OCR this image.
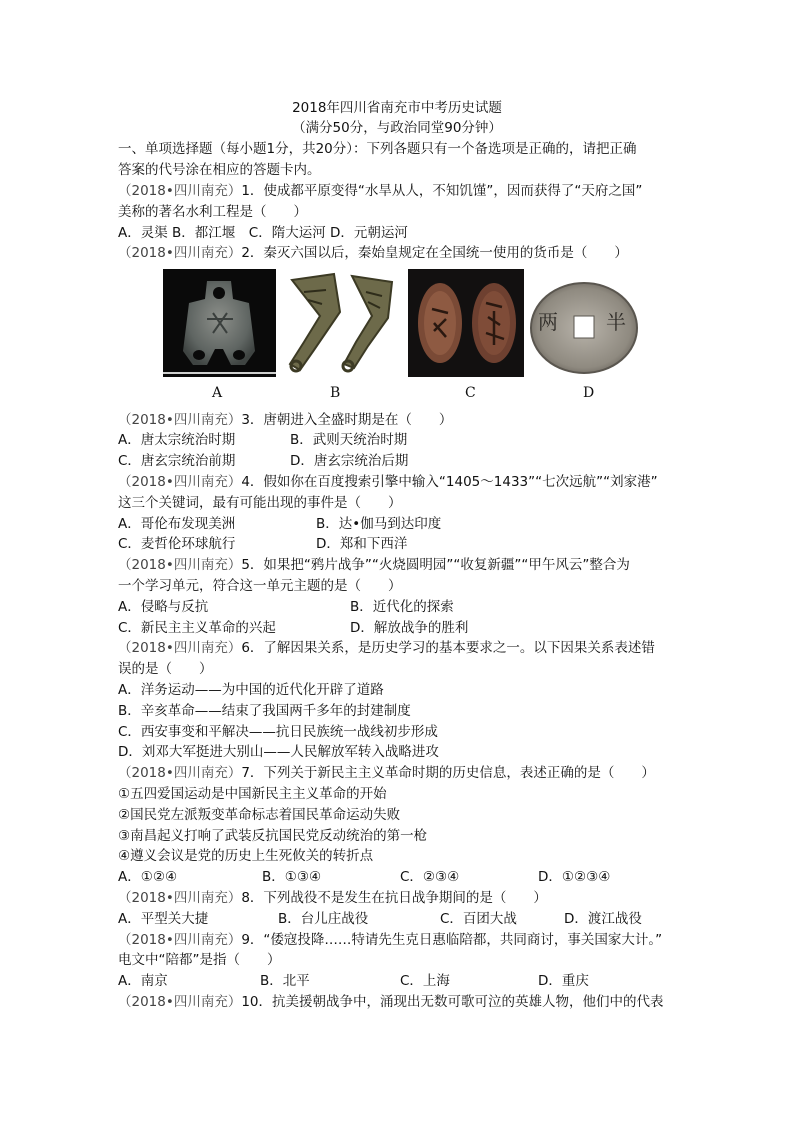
2018年四川省南充市中考历史试题
（满分50分，与政治同堂90分钟）
一、单项选择题（每小题1分，共20分）：下列各题只有一个备选项是正确的，请把正确
答案的代号涂在相应的答题卡内。
（2018•四川南充）1．使成都平原变得“水旱从人，不知饥馑”，因而获得了“天府之国”
美称的著名水利工程是（　　）
A．灵渠 B．都江堰　C．隋大运河 D．元朝运河
（2018•四川南充）2．秦灭六国以后，秦始皇规定在全国统一使用的货币是（　　）
两 半
A	B	C	D
（2018•四川南充）3．唐朝进入全盛时期是在（　　）
A．唐太宗统治时期	B．武则天统治时期
C．唐玄宗统治前期	D．唐玄宗统治后期
（2018•四川南充）4．假如你在百度搜索引擎中输入“1405～1433”“七次远航”“刘家港”
这三个关键词，最有可能出现的事件是（　　）
A．哥伦布发现美洲	B．达•伽马到达印度
C．麦哲伦环球航行	D．郑和下西洋
（2018•四川南充）5．如果把“鸦片战争”“火烧圆明园”“收复新疆”“甲午风云”整合为
一个学习单元，符合这一单元主题的是（　　）
A．侵略与反抗	B．近代化的探索
C．新民主主义革命的兴起	D．解放战争的胜利
（2018•四川南充）6．了解因果关系，是历史学习的基本要求之一。以下因果关系表述错
误的是（　　）
A．洋务运动——为中国的近代化开辟了道路
B．辛亥革命——结束了我国两千多年的封建制度
C．西安事变和平解决——抗日民族统一战线初步形成
D．刘邓大军挺进大别山——人民解放军转入战略进攻
（2018•四川南充）7．下列关于新民主主义革命时期的历史信息，表述正确的是（　　）
①五四爱国运动是中国新民主主义革命的开始
②国民党左派叛变革命标志着国民革命运动失败
③南昌起义打响了武装反抗国民党反动统治的第一枪
④遵义会议是党的历史上生死攸关的转折点
A．①②④	B．①③④	C．②③④	D．①②③④
（2018•四川南充）8．下列战役不是发生在抗日战争期间的是（　　）
A．平型关大捷	B．台儿庄战役	C．百团大战	D．渡江战役
（2018•四川南充）9．“倭寇投降……特请先生克日惠临陪都，共同商讨，事关国家大计。”
电文中“陪都”是指（　　）
A．南京	B．北平	C．上海	D．重庆
（2018•四川南充）10．抗美援朝战争中，涌现出无数可歌可泣的英雄人物，他们中的代表
